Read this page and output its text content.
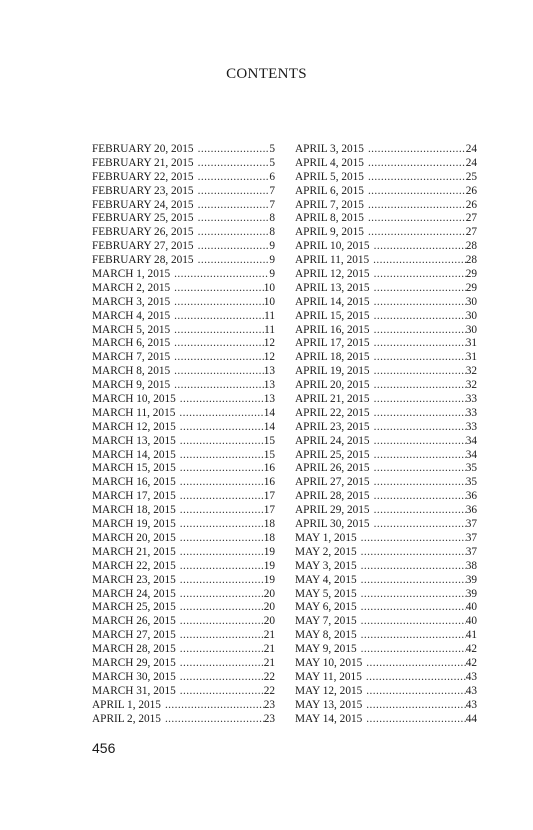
CONTENTS
FEBRUARY 20, 2015 . . .	5
FEBRUARY 21, 2015 . . .	5
FEBRUARY 22, 2015 . . .	6
FEBRUARY 23, 2015 . . .	7
FEBRUARY 24, 2015 . . .	7
FEBRUARY 25, 2015 . . .	8
FEBRUARY 26, 2015 . . .	8
FEBRUARY 27, 2015 . . .	9
FEBRUARY 28, 2015 . . .	9
MARCH 1, 2015 . . .	9
MARCH 2, 2015 . . .	10
MARCH 3, 2015 . . .	10
MARCH 4, 2015 . . .	11
MARCH 5, 2015 . . .	11
MARCH 6, 2015 . . .	12
MARCH 7, 2015 . . .	12
MARCH 8, 2015 . . .	13
MARCH 9, 2015 . . .	13
MARCH 10, 2015 . . .	13
MARCH 11, 2015 . . .	14
MARCH 12, 2015 . . .	14
MARCH 13, 2015 . . .	15
MARCH 14, 2015 . . .	15
MARCH 15, 2015 . . .	16
MARCH 16, 2015 . . .	16
MARCH 17, 2015 . . .	17
MARCH 18, 2015 . . .	17
MARCH 19, 2015 . . .	18
MARCH 20, 2015 . . .	18
MARCH 21, 2015 . . .	19
MARCH 22, 2015 . . .	19
MARCH 23, 2015 . . .	19
MARCH 24, 2015 . . .	20
MARCH 25, 2015 . . .	20
MARCH 26, 2015 . . .	20
MARCH 27, 2015 . . .	21
MARCH 28, 2015 . . .	21
MARCH 29, 2015 . . .	21
MARCH 30, 2015 . . .	22
MARCH 31, 2015 . . .	22
APRIL 1, 2015 . . .	23
APRIL 2, 2015 . . .	23
APRIL 3, 2015 . . .	24
APRIL 4, 2015 . . .	24
APRIL 5, 2015 . . .	25
APRIL 6, 2015 . . .	26
APRIL 7, 2015 . . .	26
APRIL 8, 2015 . . .	27
APRIL 9, 2015 . . .	27
APRIL 10, 2015 . . .	28
APRIL 11, 2015 . . .	28
APRIL 12, 2015 . . .	29
APRIL 13, 2015 . . .	29
APRIL 14, 2015 . . .	30
APRIL 15, 2015 . . .	30
APRIL 16, 2015 . . .	30
APRIL 17, 2015 . . .	31
APRIL 18, 2015 . . .	31
APRIL 19, 2015 . . .	32
APRIL 20, 2015 . . .	32
APRIL 21, 2015 . . .	33
APRIL 22, 2015 . . .	33
APRIL 23, 2015 . . .	33
APRIL 24, 2015 . . .	34
APRIL 25, 2015 . . .	34
APRIL 26, 2015 . . .	35
APRIL 27, 2015 . . .	35
APRIL 28, 2015 . . .	36
APRIL 29, 2015 . . .	36
APRIL 30, 2015 . . .	37
MAY 1, 2015 . . .	37
MAY 2, 2015 . . .	37
MAY 3, 2015 . . .	38
MAY 4, 2015 . . .	39
MAY 5, 2015 . . .	39
MAY 6, 2015 . . .	40
MAY 7, 2015 . . .	40
MAY 8, 2015 . . .	41
MAY 9, 2015 . . .	42
MAY 10, 2015 . . .	42
MAY 11, 2015 . . .	43
MAY 12, 2015 . . .	43
MAY 13, 2015 . . .	43
MAY 14, 2015 . . .	44
456
